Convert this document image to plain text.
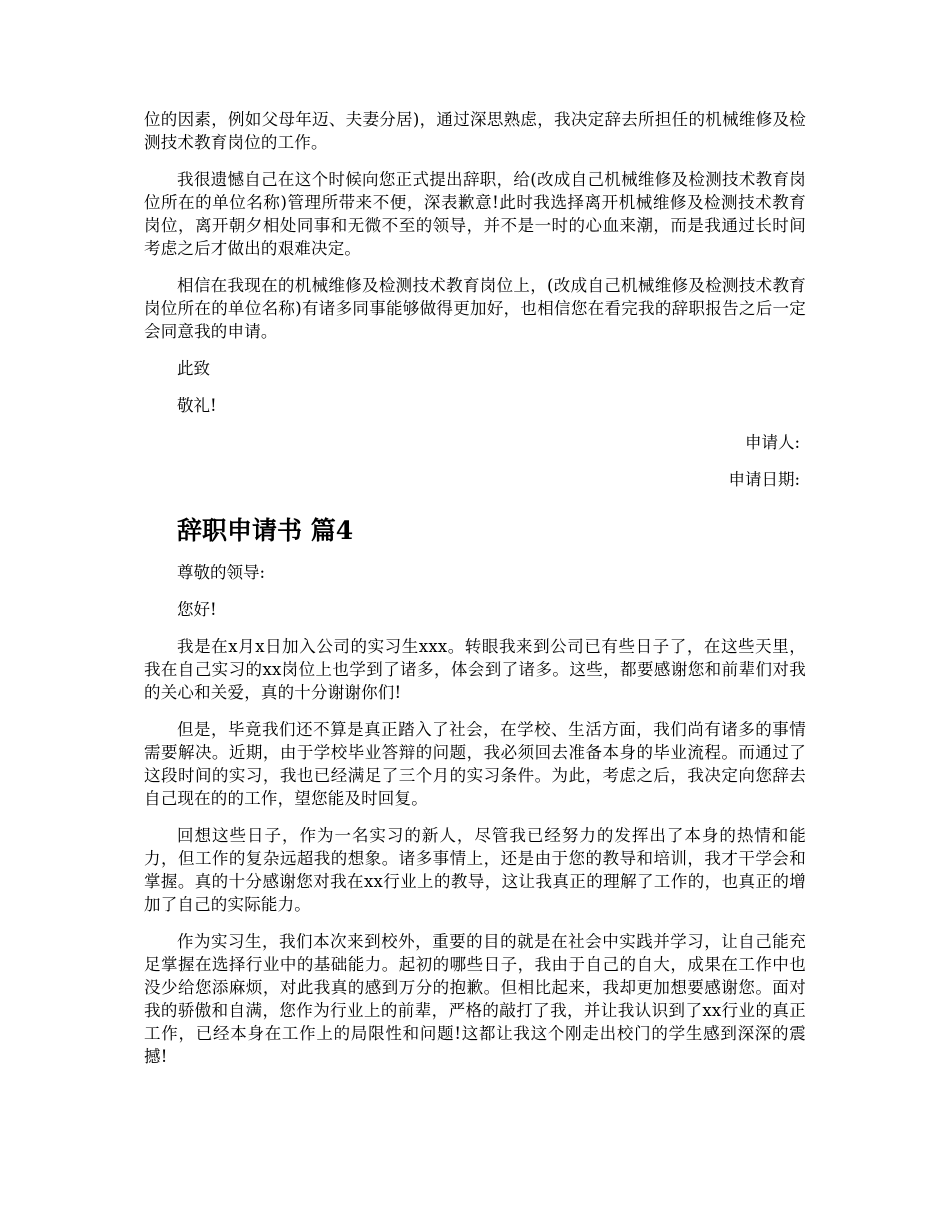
位的因素，例如父母年迈、夫妻分居)，通过深思熟虑，我决定辞去所担任的机械维修及检测技术教育岗位的工作。

我很遗憾自己在这个时候向您正式提出辞职，给(改成自己机械维修及检测技术教育岗位所在的单位名称)管理所带来不便，深表歉意!此时我选择离开机械维修及检测技术教育岗位，离开朝夕相处同事和无微不至的领导，并不是一时的心血来潮，而是我通过长时间考虑之后才做出的艰难决定。

相信在我现在的机械维修及检测技术教育岗位上，(改成自己机械维修及检测技术教育岗位所在的单位名称)有诸多同事能够做得更加好，也相信您在看完我的辞职报告之后一定会同意我的申请。

此致
敬礼!
申请人:
申请日期:
辞职申请书 篇4
尊敬的领导:
您好!

我是在x月x日加入公司的实习生xxx。转眼我来到公司已有些日子了，在这些天里，我在自己实习的xx岗位上也学到了诸多，体会到了诸多。这些，都要感谢您和前辈们对我的关心和关爱，真的十分谢谢你们!

但是，毕竟我们还不算是真正踏入了社会，在学校、生活方面，我们尚有诸多的事情需要解决。近期，由于学校毕业答辩的问题，我必须回去准备本身的毕业流程。而通过了这段时间的实习，我也已经满足了三个月的实习条件。为此，考虑之后，我决定向您辞去自己现在的的工作，望您能及时回复。

回想这些日子，作为一名实习的新人，尽管我已经努力的发挥出了本身的热情和能力，但工作的复杂远超我的想象。诸多事情上，还是由于您的教导和培训，我才干学会和掌握。真的十分感谢您对我在xx行业上的教导，这让我真正的理解了工作的，也真正的增加了自己的实际能力。

作为实习生，我们本次来到校外，重要的目的就是在社会中实践并学习，让自己能充足掌握在选择行业中的基础能力。起初的哪些日子，我由于自己的自大，成果在工作中也没少给您添麻烦，对此我真的感到万分的抱歉。但相比起来，我却更加想要感谢您。面对我的骄傲和自满，您作为行业上的前辈，严格的敲打了我，并让我认识到了xx行业的真正工作，已经本身在工作上的局限性和问题!这都让我这个刚走出校门的学生感到深深的震撼!
